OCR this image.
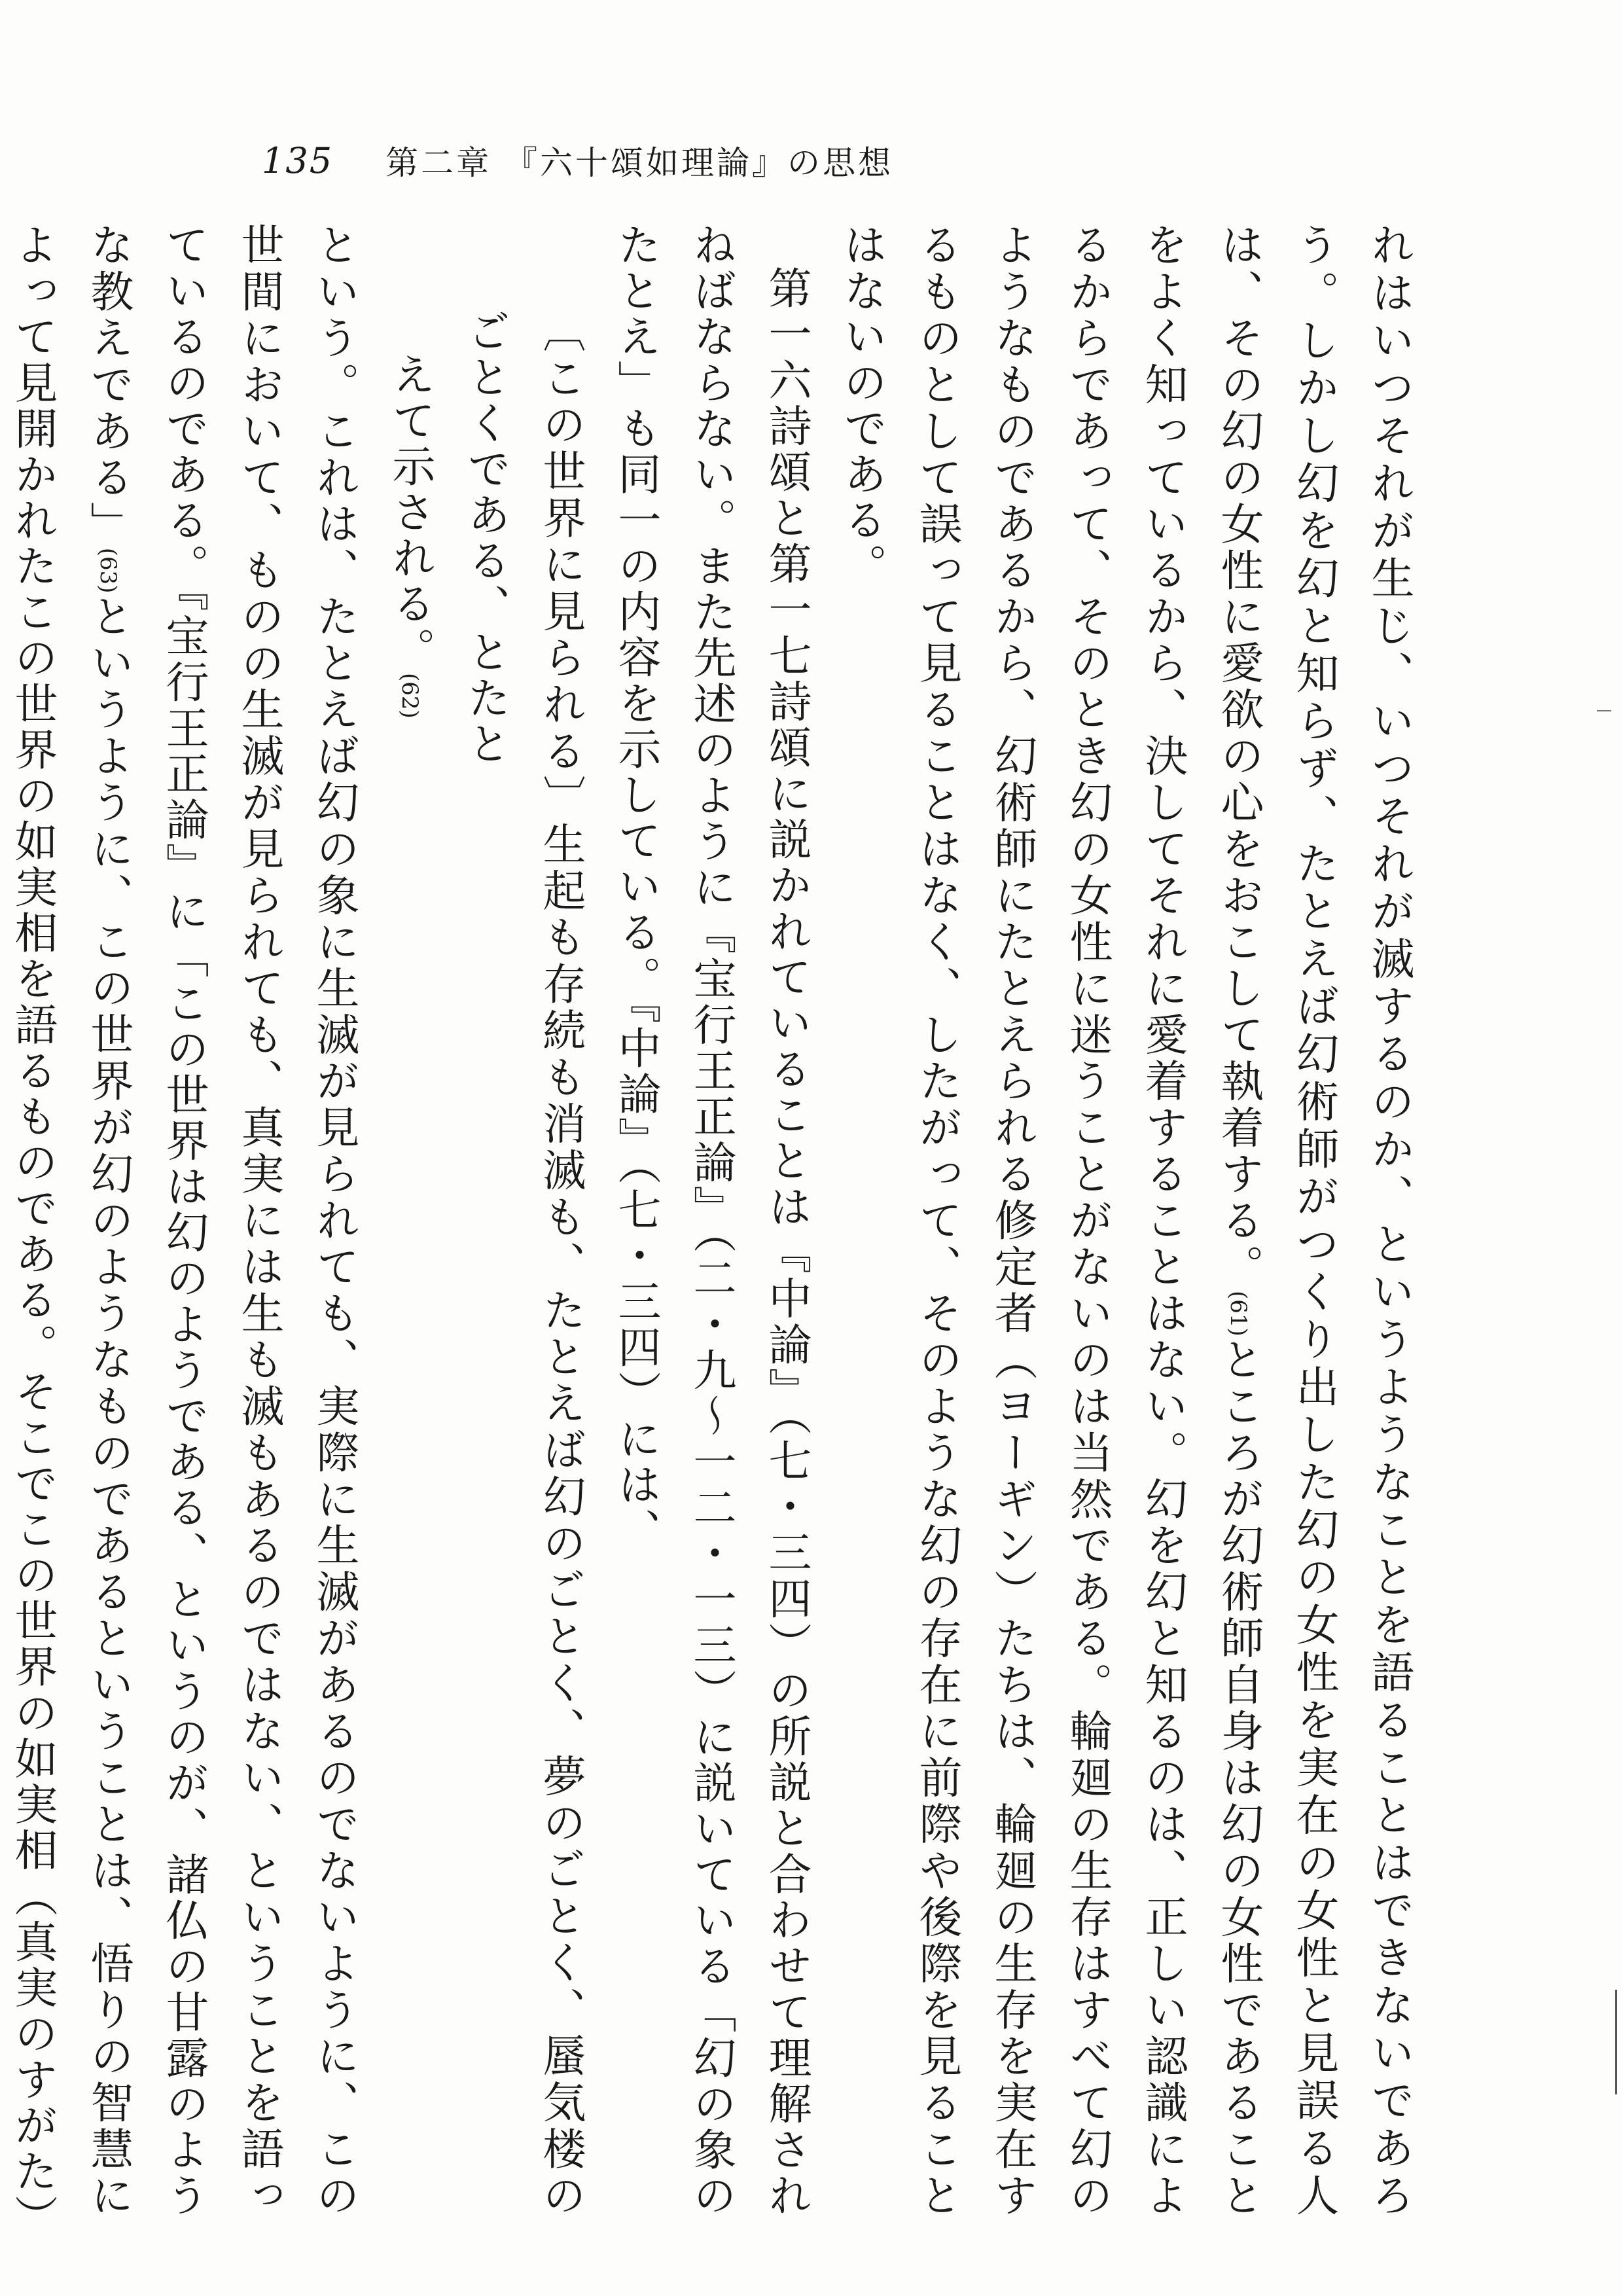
135 第二章 『六十頌如理論』の思想
れはいつそれが生じ、いつそれが滅するのか、というようなことを語ることはできないであろう。しかし幻を幻と知らず、たとえば幻術師がつくり出した幻の女性を実在の女性と見誤る人は、その幻の女性に愛欲の心をおこして執着する。(61)ところが幻術師自身は幻の女性であることをよく知っているから、決してそれに愛着することはない。幻を幻と知るのは、正しい認識によるからであって、そのとき幻の女性に迷うことがないのは当然である。輪廻の生存はすべて幻のようなものであるから、幻術師にたとえられる修定者（ヨーギン）たちは、輪廻の生存を実在するものとして誤って見ることはなく、したがって、そのような幻の存在に前際や後際を見ることはないのである。
第一六詩頌と第一七詩頌に説かれていることは『中論』（七・三四）の所説と合わせて理解されねばならない。また先述のように『宝行王正論』（二・九〜一二・一三）に説いている「幻の象のたとえ」も同一の内容を示している。『中論』（七・三四）には、
〔この世界に見られる〕生起も存続も消滅も、たとえば幻のごとく、夢のごとく、蜃気楼のごとくである、とたと
えて示される。(62)
という。これは、たとえば幻の象に生滅が見られても、実際に生滅があるのでないように、この世間において、ものの生滅が見られても、真実には生も滅もあるのではない、ということを語っているのである。『宝行王正論』に「この世界は幻のようである、というのが、諸仏の甘露のような教えである」(63)というように、この世界が幻のようなものであるということは、悟りの智慧によって見開かれたこの世界の如実相を語るものである。そこでこの世界の如実相（真実のすがた）
